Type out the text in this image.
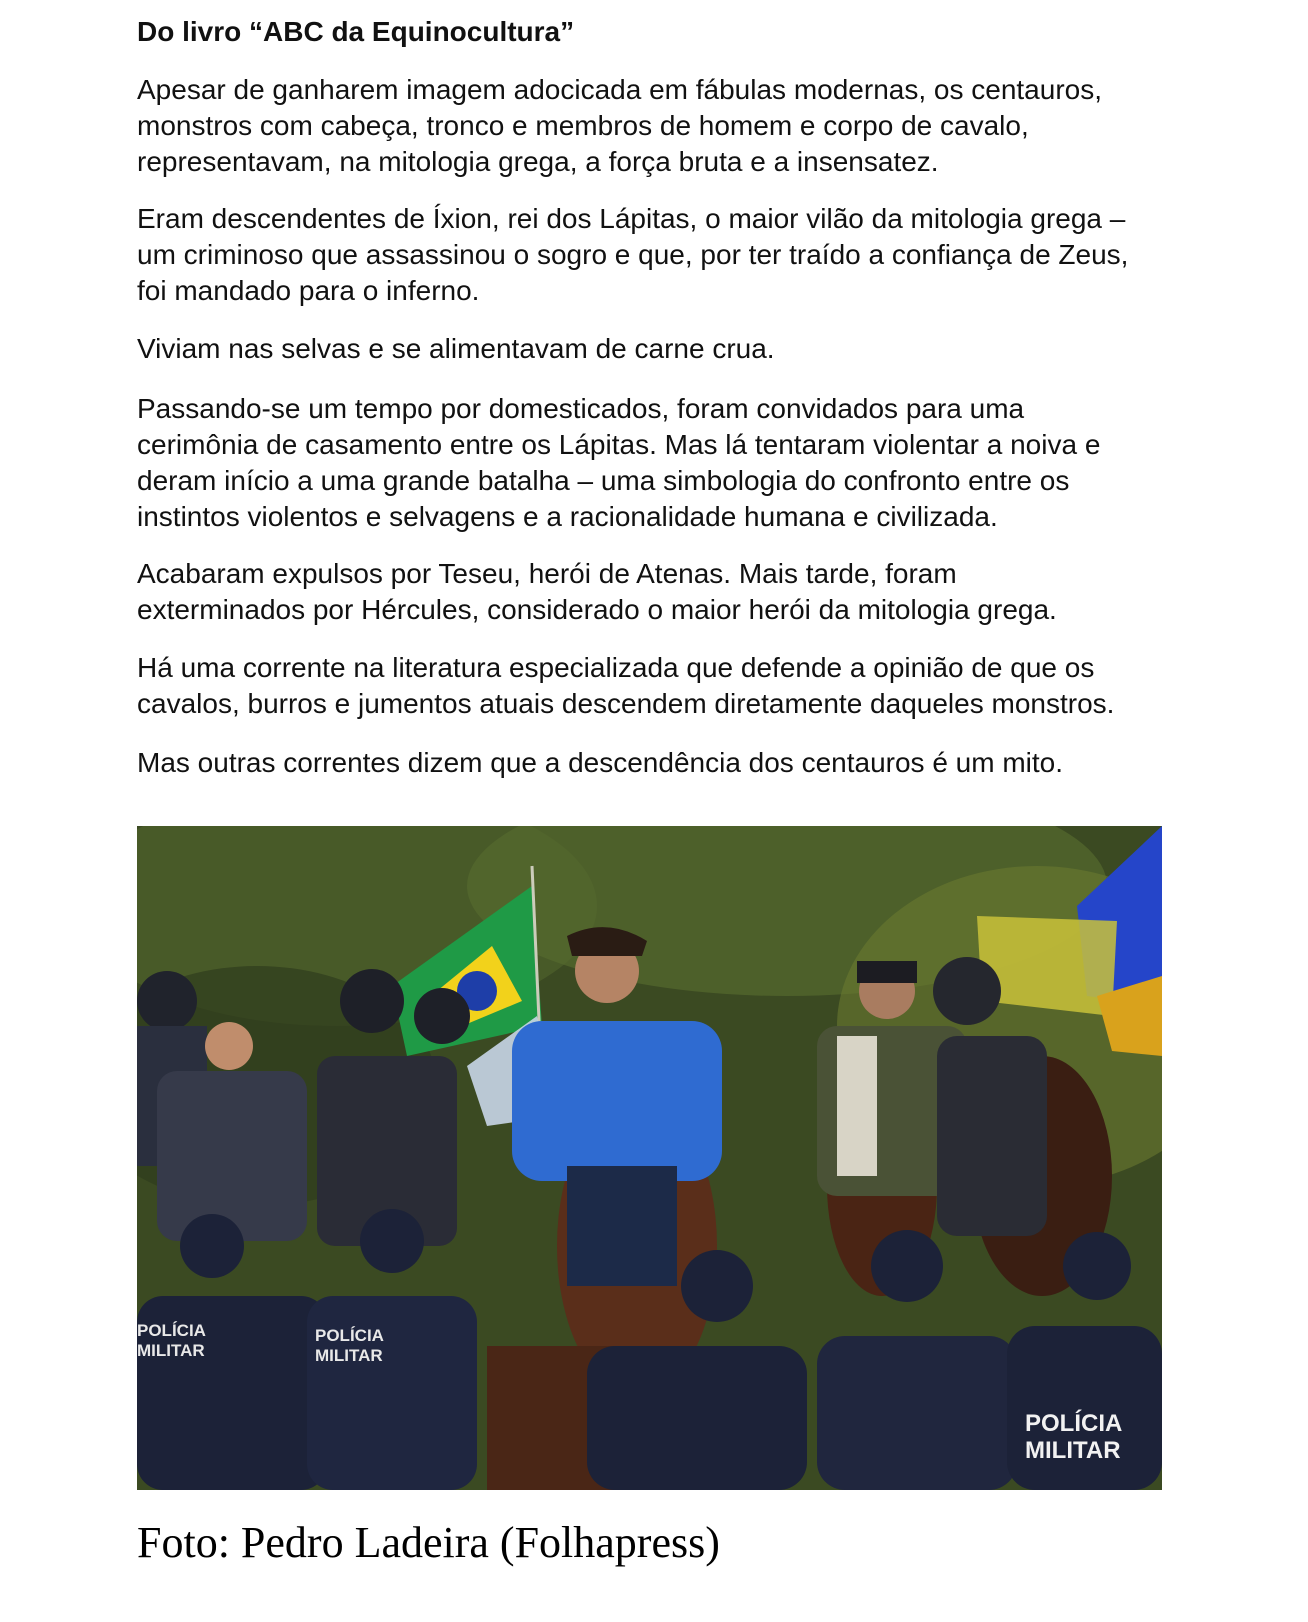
Do livro “ABC da Equinocultura”
Apesar de ganharem imagem adocicada em fábulas modernas, os centauros,
monstros com cabeça, tronco e membros de homem e corpo de cavalo,
representavam, na mitologia grega, a força bruta e a insensatez.
Eram descendentes de Íxion, rei dos Lápitas, o maior vilão da mitologia grega –
um criminoso que assassinou o sogro e que, por ter traído a confiança de Zeus,
foi mandado para o inferno.
Viviam nas selvas e se alimentavam de carne crua.
Passando-se um tempo por domesticados, foram convidados para uma
cerimônia de casamento entre os Lápitas. Mas lá tentaram violentar a noiva e
deram início a uma grande batalha – uma simbologia do confronto entre os
instintos violentos e selvagens e a racionalidade humana e civilizada.
Acabaram expulsos por Teseu, herói de Atenas. Mais tarde, foram
exterminados por Hércules, considerado o maior herói da mitologia grega.
Há uma corrente na literatura especializada que defende a opinião de que os
cavalos, burros e jumentos atuais descendem diretamente daqueles monstros.
Mas outras correntes dizem que a descendência dos centauros é um mito.
POLÍCIA
MILITAR
POLÍCIA
MILITAR
POLÍCIA
MILITAR
Foto: Pedro Ladeira (Folhapress)
